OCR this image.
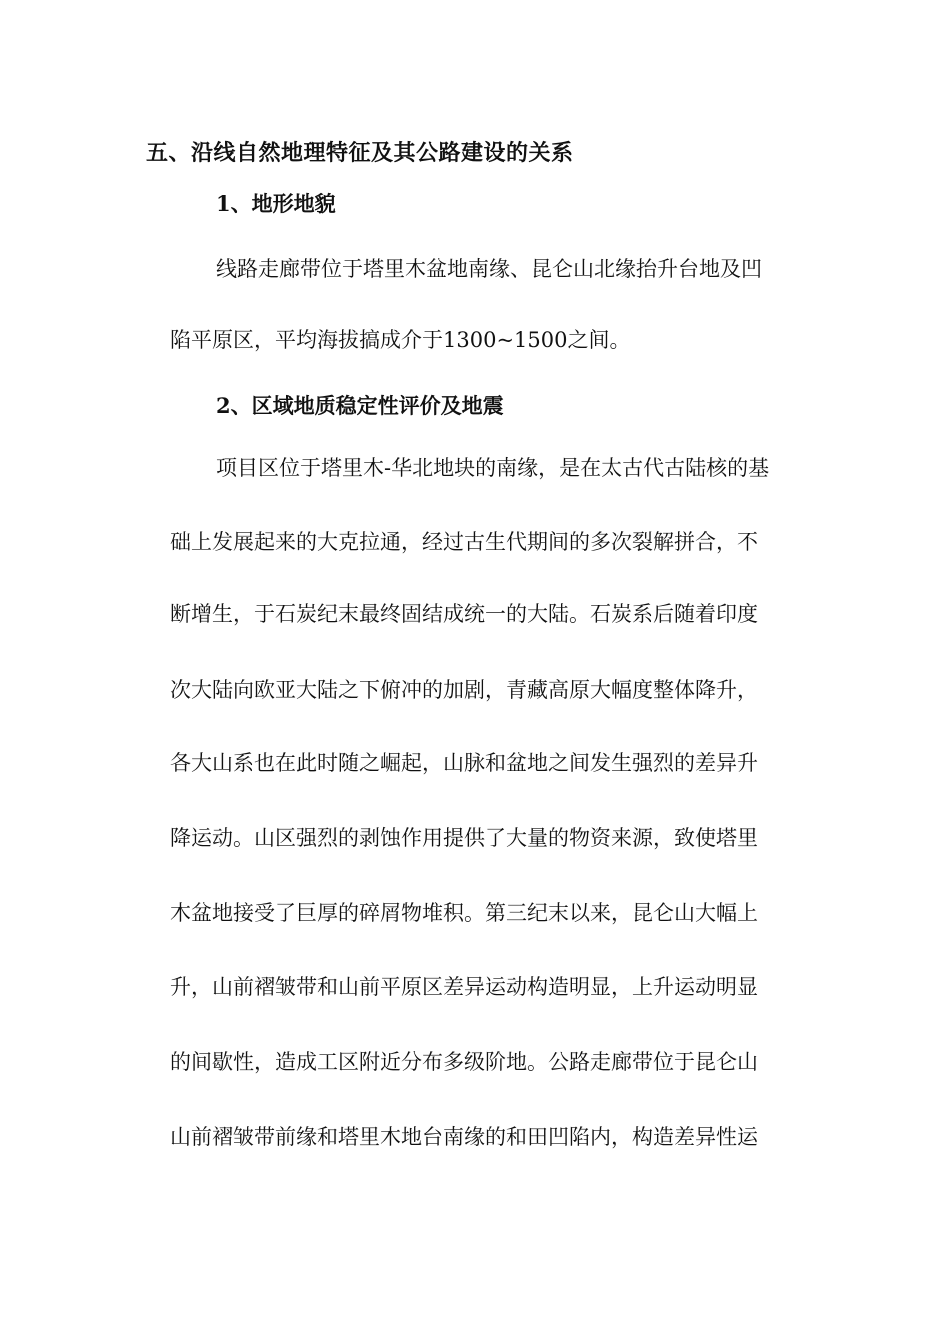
五、沿线自然地理特征及其公路建设的关系
1、地形地貌
线路走廊带位于塔里木盆地南缘、昆仑山北缘抬升台地及凹
陷平原区，平均海拔搞成介于1300~1500之间。
2、区域地质稳定性评价及地震
项目区位于塔里木-华北地块的南缘，是在太古代古陆核的基
础上发展起来的大克拉通，经过古生代期间的多次裂解拼合，不
断增生，于石炭纪末最终固结成统一的大陆。石炭系后随着印度
次大陆向欧亚大陆之下俯冲的加剧，青藏高原大幅度整体降升，
各大山系也在此时随之崛起，山脉和盆地之间发生强烈的差异升
降运动。山区强烈的剥蚀作用提供了大量的物资来源，致使塔里
木盆地接受了巨厚的碎屑物堆积。第三纪末以来，昆仑山大幅上
升，山前褶皱带和山前平原区差异运动构造明显，上升运动明显
的间歇性，造成工区附近分布多级阶地。公路走廊带位于昆仑山
山前褶皱带前缘和塔里木地台南缘的和田凹陷内，构造差异性运
